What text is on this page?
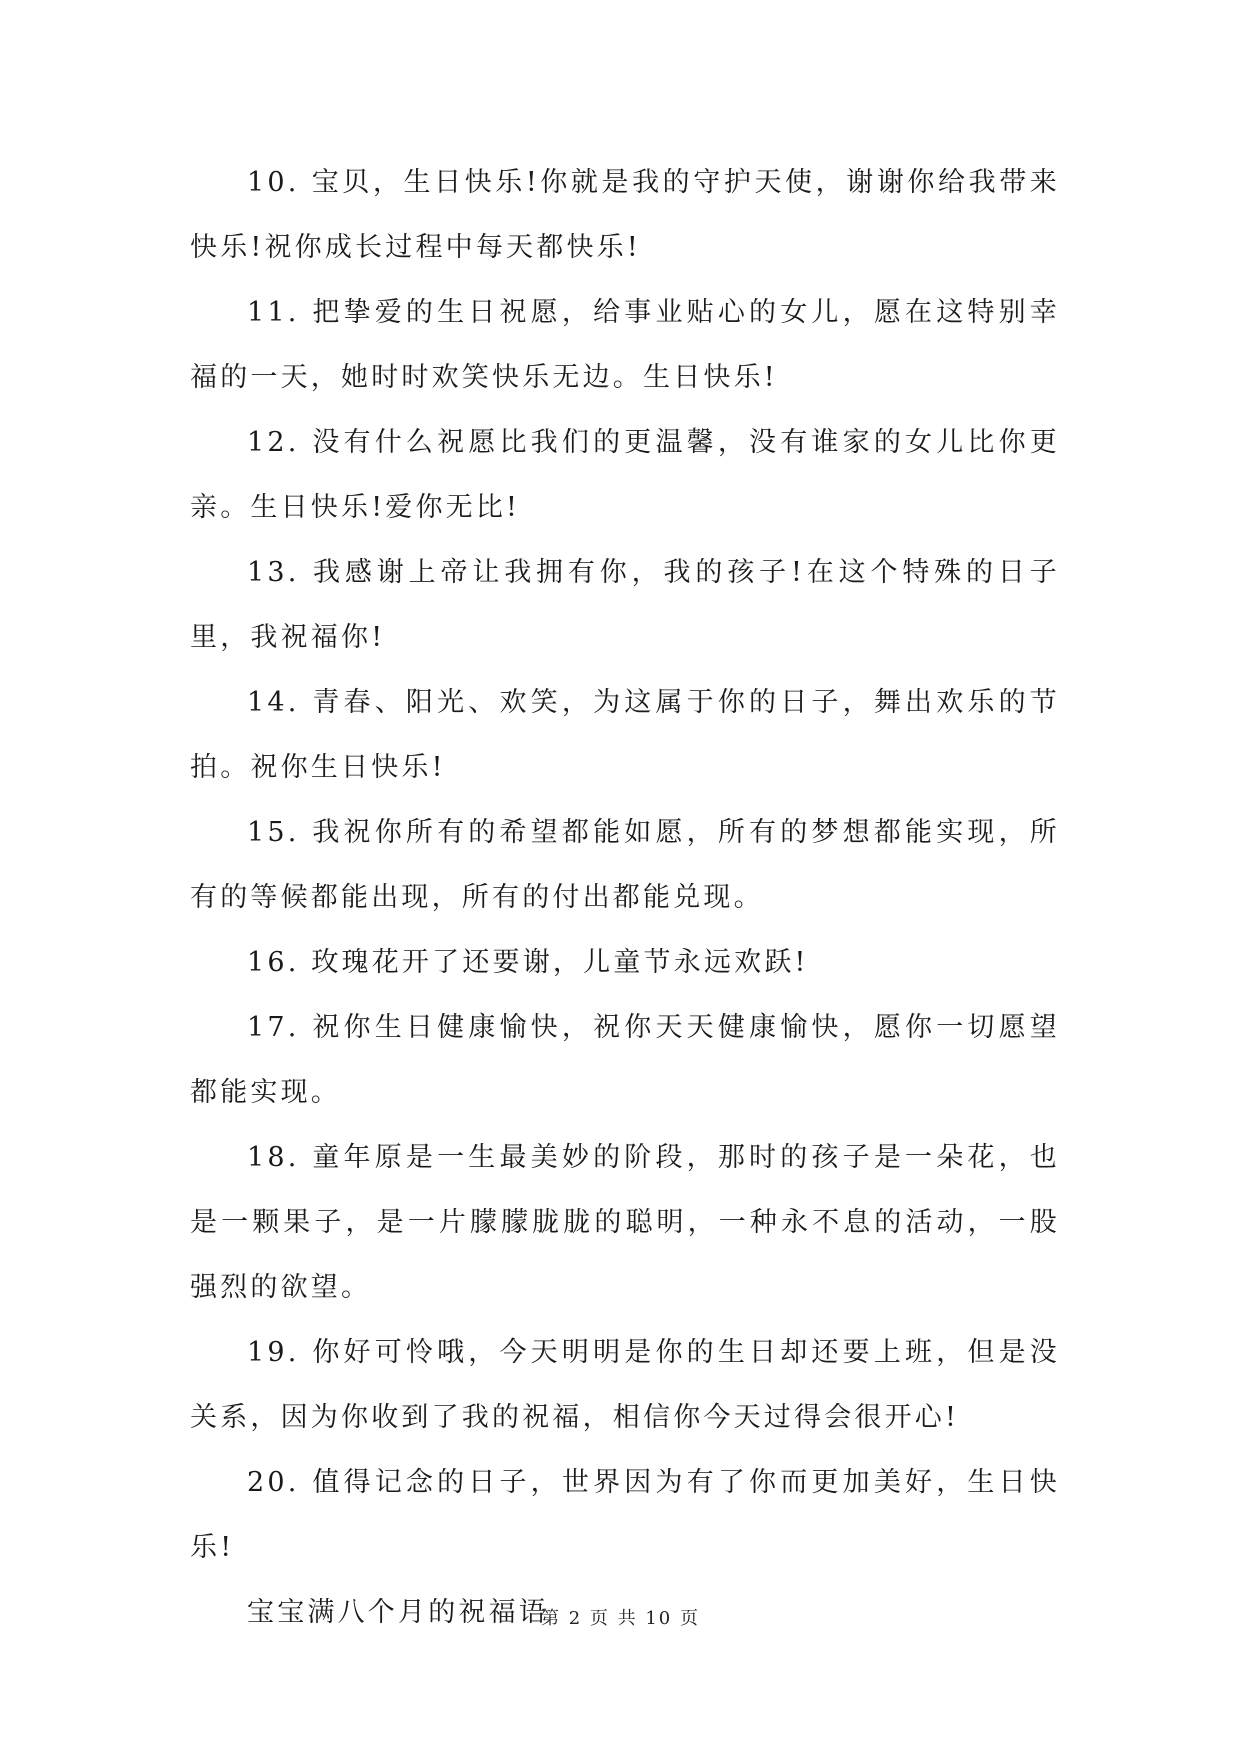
10. 宝贝，生日快乐!你就是我的守护天使，谢谢你给我带来快乐!祝你成长过程中每天都快乐!

11. 把挚爱的生日祝愿，给事业贴心的女儿，愿在这特别幸福的一天，她时时欢笑快乐无边。生日快乐!

12. 没有什么祝愿比我们的更温馨，没有谁家的女儿比你更亲。生日快乐!爱你无比!

13. 我感谢上帝让我拥有你，我的孩子!在这个特殊的日子里，我祝福你!

14. 青春、阳光、欢笑，为这属于你的日子，舞出欢乐的节拍。祝你生日快乐!

15. 我祝你所有的希望都能如愿，所有的梦想都能实现，所有的等候都能出现，所有的付出都能兑现。

16. 玫瑰花开了还要谢，儿童节永远欢跃!

17. 祝你生日健康愉快，祝你天天健康愉快，愿你一切愿望都能实现。

18. 童年原是一生最美妙的阶段，那时的孩子是一朵花，也是一颗果子，是一片朦朦胧胧的聪明，一种永不息的活动，一股强烈的欲望。

19. 你好可怜哦，今天明明是你的生日却还要上班，但是没关系，因为你收到了我的祝福，相信你今天过得会很开心!

20. 值得记念的日子，世界因为有了你而更加美好，生日快乐!

宝宝满八个月的祝福语

第 2 页 共 10 页
